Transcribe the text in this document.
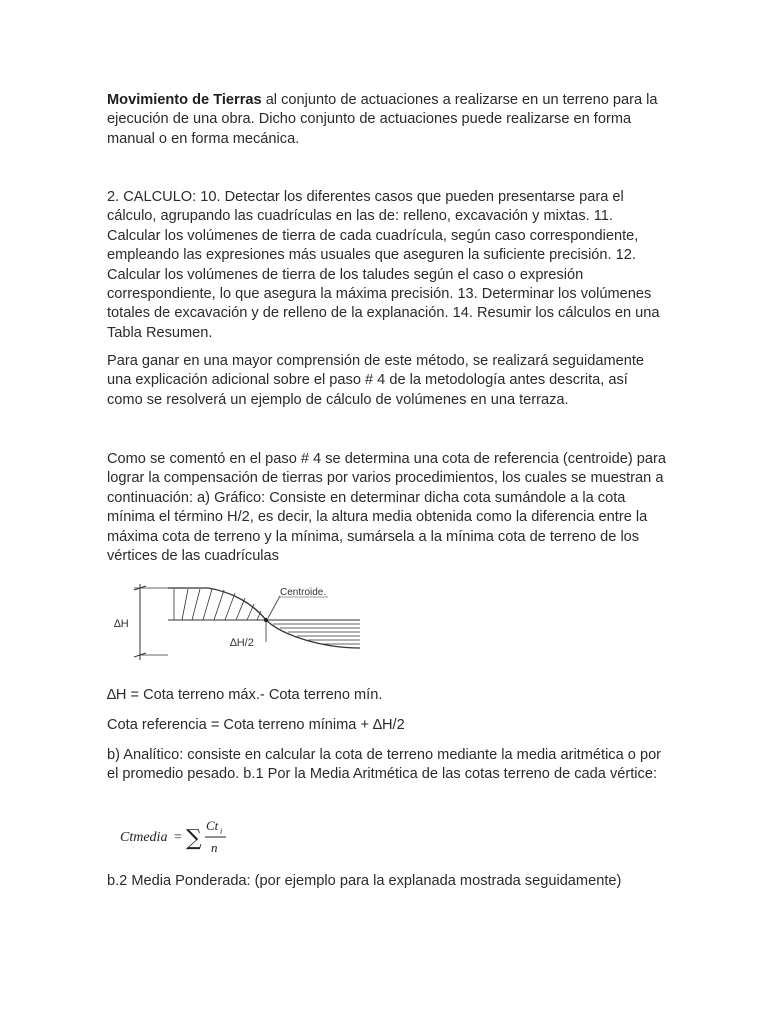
Movimiento de Tierras al conjunto de actuaciones a realizarse en un terreno para la ejecución de una obra. Dicho conjunto de actuaciones puede realizarse en forma manual o en forma mecánica.

2. CALCULO: 10. Detectar los diferentes casos que pueden presentarse para el cálculo, agrupando las cuadrículas en las de: relleno, excavación y mixtas. 11. Calcular los volúmenes de tierra de cada cuadrícula, según caso correspondiente, empleando las expresiones más usuales que aseguren la suficiente precisión. 12. Calcular los volúmenes de tierra de los taludes según el caso o expresión correspondiente, lo que asegura la máxima precisión. 13. Determinar los volúmenes totales de excavación y de relleno de la explanación. 14. Resumir los cálculos en una Tabla Resumen.

Para ganar en una mayor comprensión de este método, se realizará seguidamente una explicación adicional sobre el paso # 4 de la metodología antes descrita, así como se resolverá un ejemplo de cálculo de volúmenes en una terraza.

Como se comentó en el paso # 4 se determina una cota de referencia (centroide) para lograr la compensación de tierras por varios procedimientos, los cuales se muestran a continuación: a) Gráfico: Consiste en determinar dicha cota sumándole a la cota mínima el término H/2, es decir, la altura media obtenida como la diferencia entre la máxima cota de terreno y la mínima, sumársela a la mínima cota de terreno de los vértices de las cuadrículas

∆H
Centroide.
∆H/2

∆H = Cota terreno máx.- Cota terreno mín.

Cota referencia = Cota terreno mínima + ∆H/2

b) Analítico: consiste en calcular la cota de terreno mediante la media aritmética o por el promedio pesado. b.1 Por la Media Aritmética de las cotas terreno de cada vértice:

Ctmedia = ∑
Ct i
n

b.2 Media Ponderada: (por ejemplo para la explanada mostrada seguidamente)
